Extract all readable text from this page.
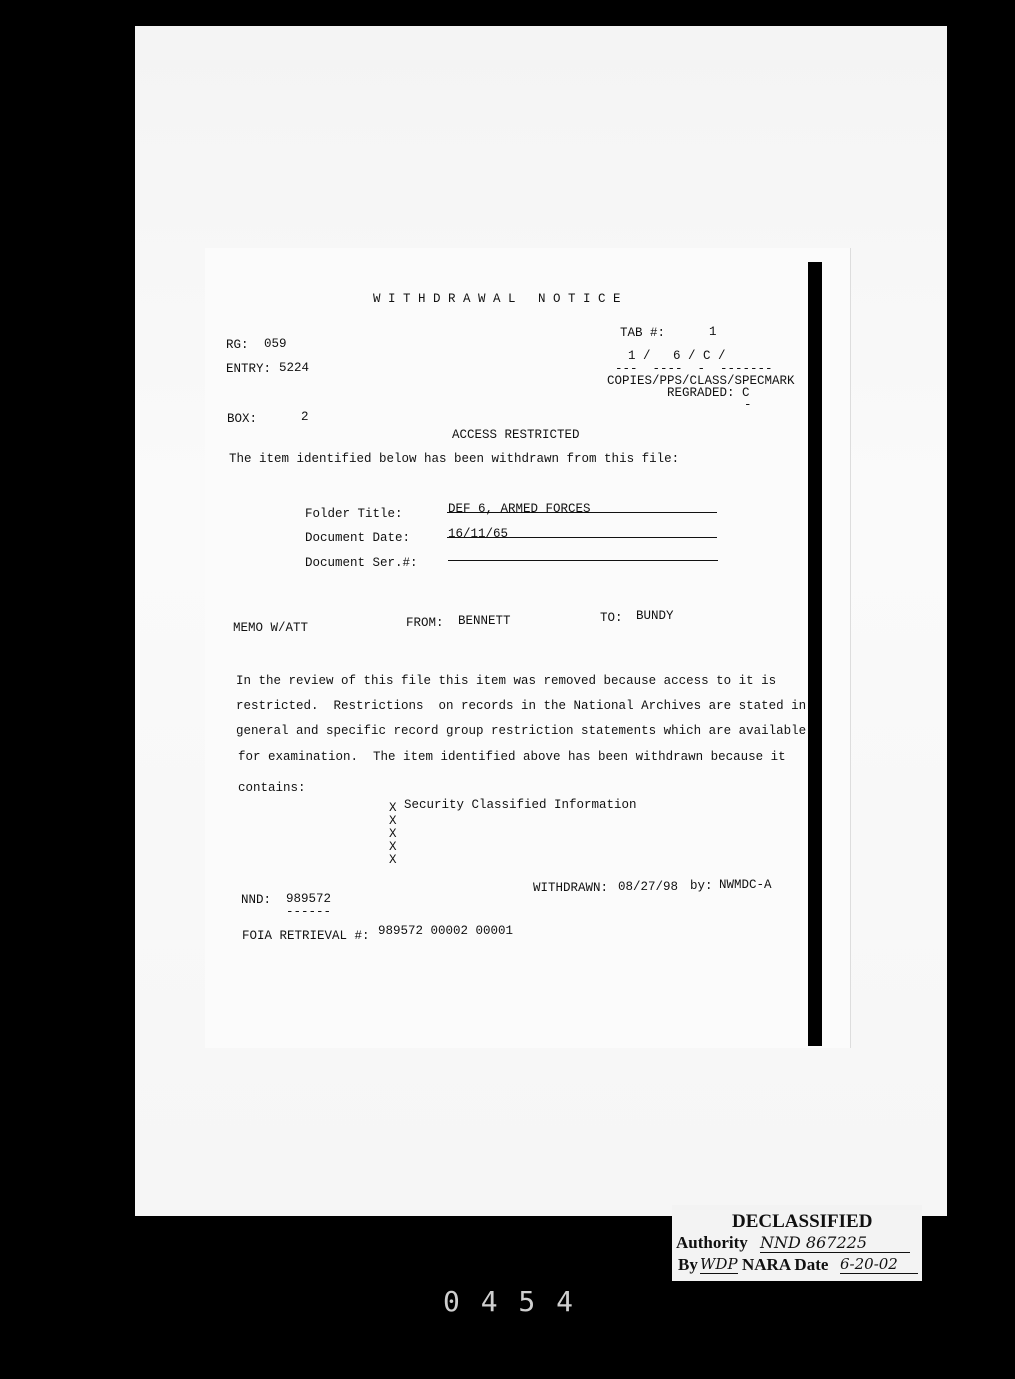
W I T H D R A W A L   N O T I C E

TAB #:	1

1 /   6 / C /

---  ----  -  -------

COPIES/PPS/CLASS/SPECMARK

REGRADED: C

-

RG: 059

ENTRY: 5224

BOX:	2

ACCESS RESTRICTED

The item identified below has been withdrawn from this file:

Folder Title:	DEF 6, ARMED FORCES

Document Date:	16/11/65

Document Ser.#:

MEMO W/ATT	FROM: BENNETT	TO: BUNDY

In the review of this file this item was removed because access to it is

restricted.  Restrictions  on records in the National Archives are stated in

general and specific record group restriction statements which are available

for examination.  The item identified above has been withdrawn because it

contains:

X Security Classified Information

X

X

X

X

NND: 989572

------

WITHDRAWN: 08/27/98 by: NWMDC-A

FOIA RETRIEVAL #: 989572 00002 00001

DECLASSIFIED
Authority NND 867225
By WDP NARA Date 6-20-02
0 4 5 4
